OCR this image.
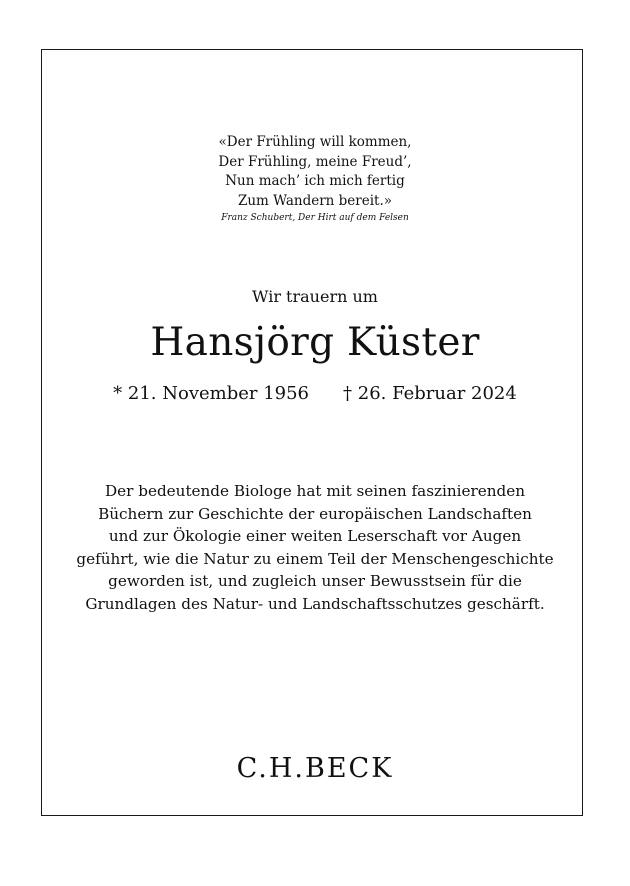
«Der Frühling will kommen,
Der Frühling, meine Freud’,
Nun mach’ ich mich fertig
Zum Wandern bereit.»
Franz Schubert, Der Hirt auf dem Felsen
Wir trauern um
Hansjörg Küster
* 21. November 1956 † 26. Februar 2024
Der bedeutende Biologe hat mit seinen faszinierenden
Büchern zur Geschichte der europäischen Landschaften
und zur Ökologie einer weiten Leserschaft vor Augen
geführt, wie die Natur zu einem Teil der Menschengeschichte
geworden ist, und zugleich unser Bewusstsein für die
Grundlagen des Natur- und Landschaftsschutzes geschärft.
C.H.BECK
